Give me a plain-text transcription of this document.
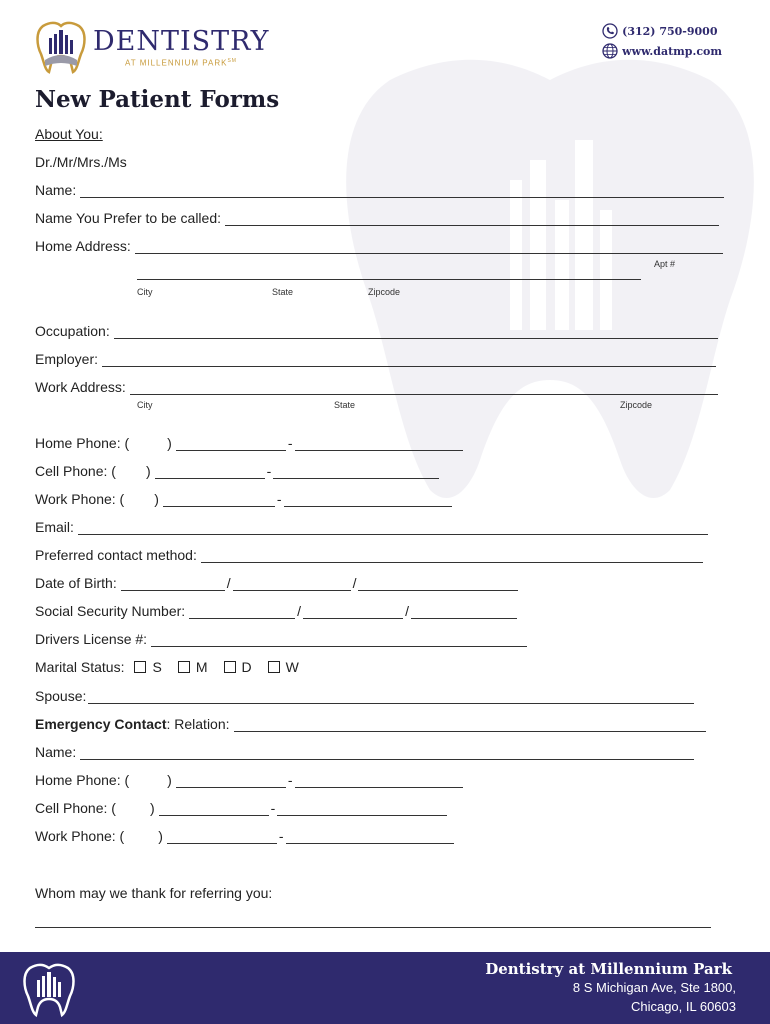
DENTISTRY
AT MILLENNIUM PARK℠
(312) 750-9000
www.datmp.com
New Patient Forms
About You:
Dr./Mr/Mrs./Ms
Name:
Name You Prefer to be called:
Home Address:
Apt #
City	State	Zipcode
Occupation:
Employer:
Work Address:
City	State	Zipcode
Home Phone: (	)	-
Cell Phone: ( )	-
Work Phone: ( )	-
Email:
Preferred contact method:
Date of Birth:	/	/
Social Security Number:	/	/
Drivers License #:
Marital Status: S M D W
Spouse:
Emergency Contact : Relation:
Name:
Home Phone: (	)	-
Cell Phone: ( )	-
Work Phone: ( )	-
Whom may we thank for referring you:
Dentistry at Millennium Park
8 S Michigan Ave, Ste 1800,
Chicago, IL 60603
